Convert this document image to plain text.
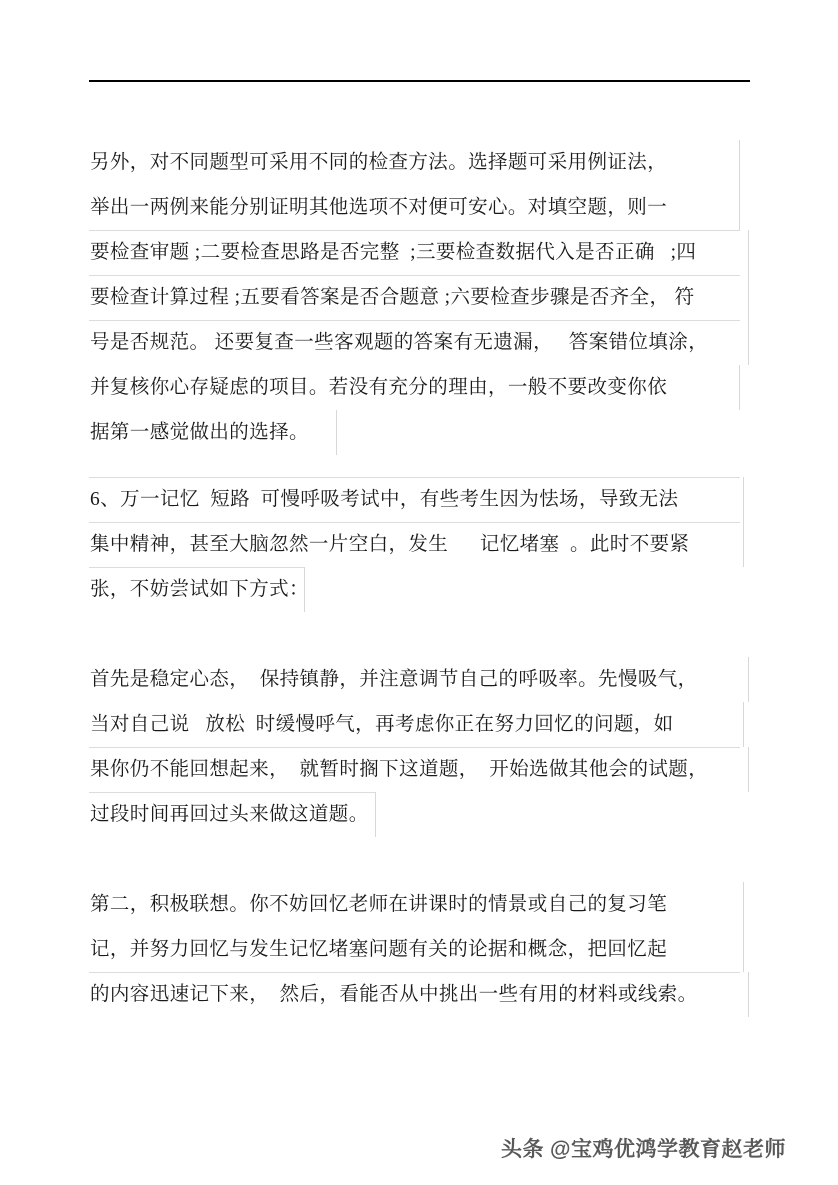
另外，对不同题型可采用不同的检查方法。选择题可采用例证法，
举出一两例来能分别证明其他选项不对便可安心。对填空题，则一
要检查审题 ;二要检查思路是否完整  ;三要检查数据代入是否正确   ;四
要检查计算过程 ;五要看答案是否合题意 ;六要检查步骤是否齐全， 符
号是否规范。 还要复查一些客观题的答案有无遗漏，   答案错位填涂，
并复核你心存疑虑的项目。若没有充分的理由，一般不要改变你依
据第一感觉做出的选择。
6、万一记忆  短路  可慢呼吸考试中，有些考生因为怯场，导致无法
集中精神，甚至大脑忽然一片空白，发生      记忆堵塞  。此时不要紧
张，不妨尝试如下方式：
首先是稳定心态，  保持镇静，并注意调节自己的呼吸率。先慢吸气，
当对自己说   放松  时缓慢呼气，再考虑你正在努力回忆的问题，如
果你仍不能回想起来，  就暂时搁下这道题，  开始选做其他会的试题，
过段时间再回过头来做这道题。
第二，积极联想。你不妨回忆老师在讲课时的情景或自己的复习笔
记，并努力回忆与发生记忆堵塞问题有关的论据和概念，把回忆起
的内容迅速记下来，  然后，看能否从中挑出一些有用的材料或线索。
头条 @宝鸡优鸿学教育赵老师
